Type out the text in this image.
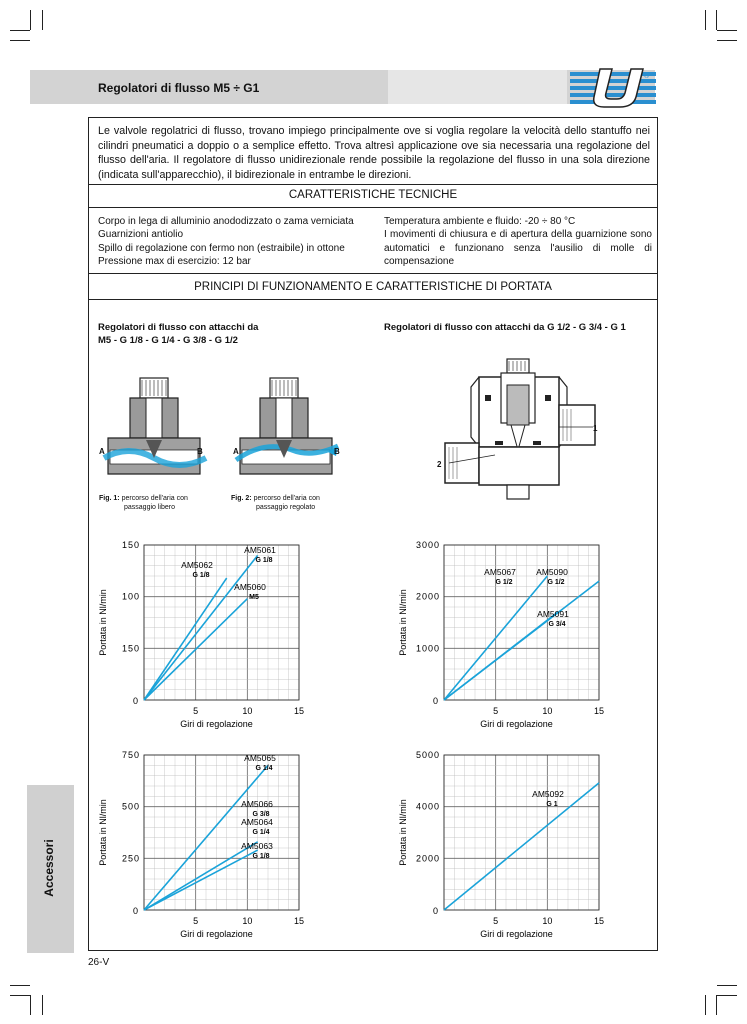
Regolatori di flusso M5 ÷ G1
®
Accessori
Le valvole regolatrici di flusso, trovano impiego principalmente ove si voglia regolare la velocità dello stantuffo nei cilindri pneumatici a doppio o a semplice effetto. Trova altresì applicazione ove sia necessaria una regolazione del flusso dell'aria. Il regolatore di flusso unidirezionale rende possibile la regolazione del flusso in una sola direzione (indicata sull'apparecchio), il bidirezionale in entrambe le direzioni.
CARATTERISTICHE TECNICHE
Corpo in lega di alluminio anododizzato o zama verniciata
Guarnizioni antiolio
Spillo di regolazione con fermo non (estraibile) in ottone
Pressione max di esercizio: 12 bar
Temperatura ambiente e fluido: -20 ÷ 80 °C
I movimenti di chiusura e di apertura della guarnizione sono automatici e funzionano senza l'ausilio di molle di compensazione
PRINCIPI DI FUNZIONAMENTO E CARATTERISTICHE DI PORTATA
Regolatori di flusso con attacchi da
M5 - G 1/8 - G 1/4 - G 3/8 - G 1/2
Regolatori di flusso con attacchi da G 1/2 - G 3/4 - G 1
A	B	A	B
Fig. 1: percorso dell'aria con
passaggio libero
Fig. 2: percorso dell'aria con
passaggio regolato
1
2
150
100
150
0
5	10	15
Giri di regolazione
Portata in Nl/min
AM5061
G 1/8
AM5062
G 1/8
AM5060
M5
3000
2000
1000
0
5	10	15
Giri di regolazione
Portata in Nl/min
AM5067
G 1/2
AM5090
G 1/2
AM5091
G 3/4
750
500
250
0
5	10	15
Giri di regolazione
Portata in Nl/min
AM5065
G 1/4
AM5066
G 3/8
AM5064
G 1/4
AM5063
G 1/8
5000
4000
2000
0
5	10	15
Giri di regolazione
Portata in Nl/min
AM5092
G 1
26-V
